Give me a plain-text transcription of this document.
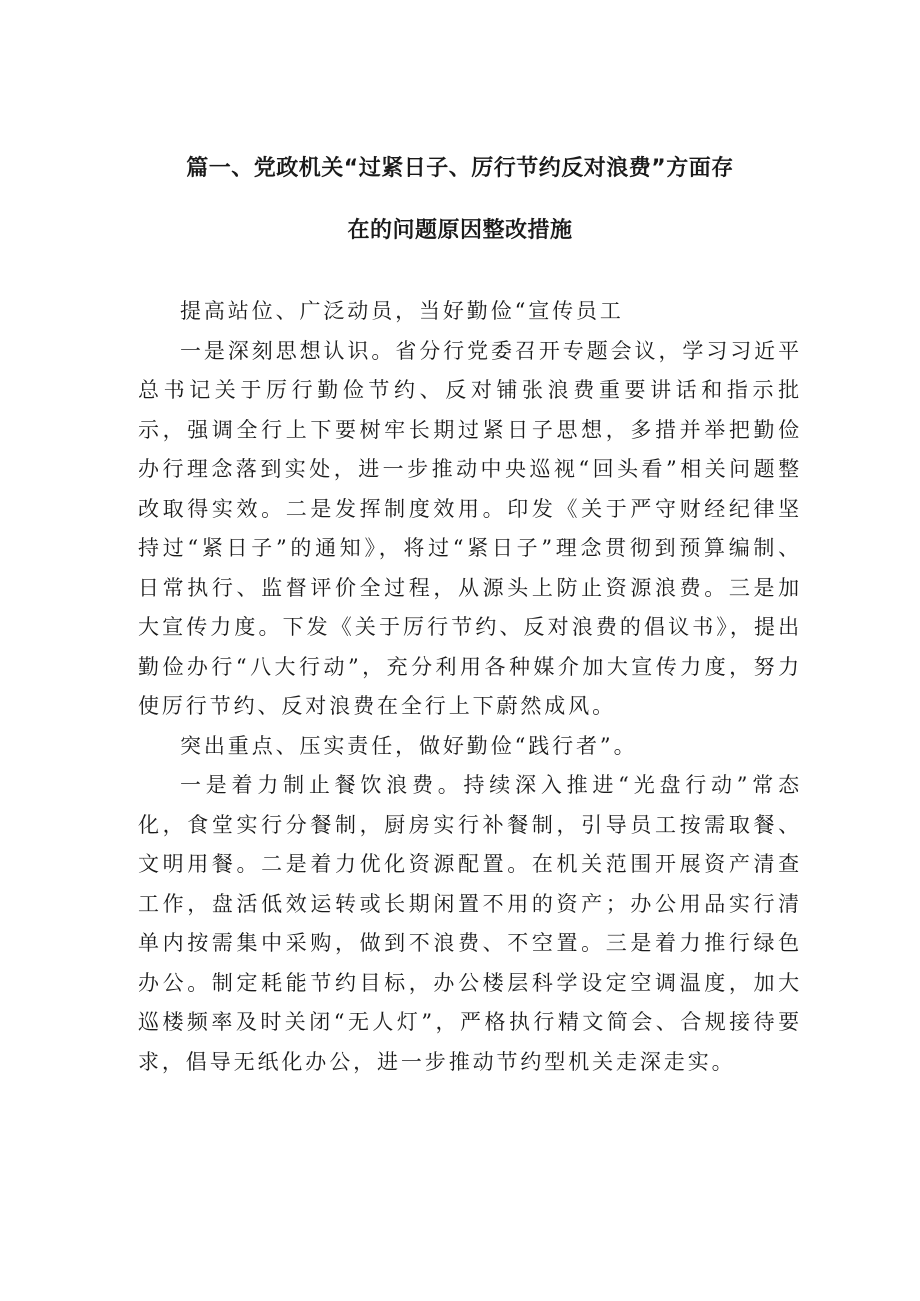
篇一、党政机关“过紧日子、厉行节约反对浪费”方面存
在的问题原因整改措施

提高站位、广泛动员，当好勤俭“宣传员工

一是深刻思想认识。省分行党委召开专题会议，学习习近平总书记关于厉行勤俭节约、反对铺张浪费重要讲话和指示批示，强调全行上下要树牢长期过紧日子思想，多措并举把勤俭办行理念落到实处，进一步推动中央巡视“回头看”相关问题整改取得实效。二是发挥制度效用。印发《关于严守财经纪律坚持过“紧日子”的通知》，将过“紧日子”理念贯彻到预算编制、日常执行、监督评价全过程，从源头上防止资源浪费。三是加大宣传力度。下发《关于厉行节约、反对浪费的倡议书》，提出勤俭办行“八大行动”，充分利用各种媒介加大宣传力度，努力使厉行节约、反对浪费在全行上下蔚然成风。

突出重点、压实责任，做好勤俭“践行者”。

一是着力制止餐饮浪费。持续深入推进“光盘行动”常态化，食堂实行分餐制，厨房实行补餐制，引导员工按需取餐、文明用餐。二是着力优化资源配置。在机关范围开展资产清查工作，盘活低效运转或长期闲置不用的资产；办公用品实行清单内按需集中采购，做到不浪费、不空置。三是着力推行绿色办公。制定耗能节约目标，办公楼层科学设定空调温度，加大巡楼频率及时关闭“无人灯”，严格执行精文简会、合规接待要求，倡导无纸化办公，进一步推动节约型机关走深走实。
